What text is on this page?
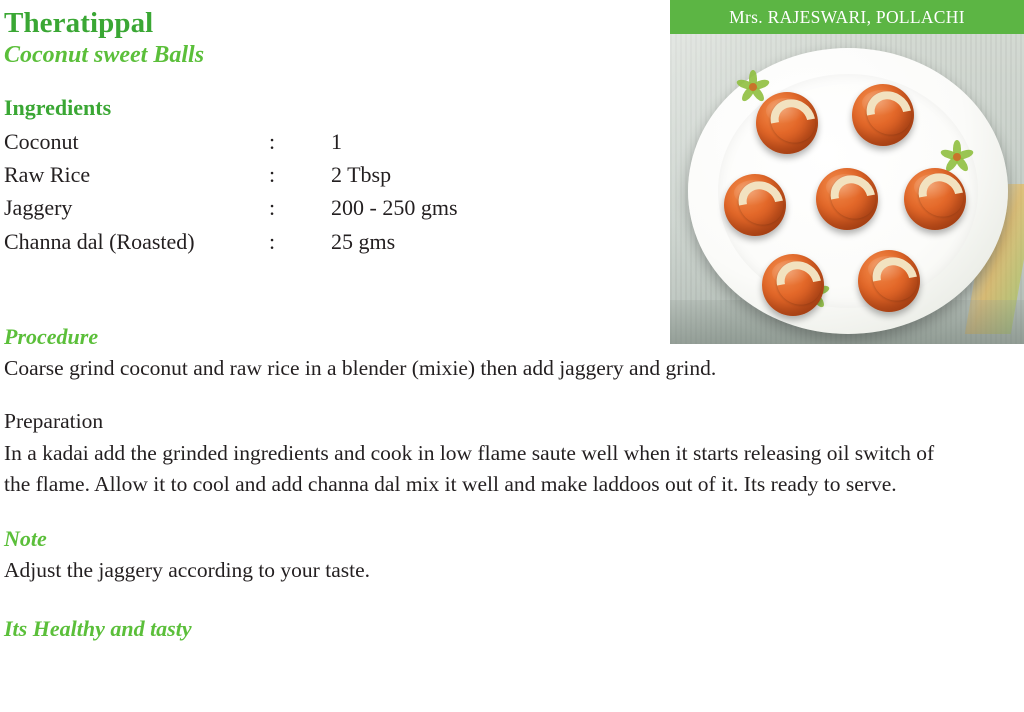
Mrs. RAJESWARI, POLLACHI
Theratippal
Coconut sweet Balls
Ingredients
Coconut	:	1
Raw Rice	:	2 Tbsp
Jaggery	:	200 - 250 gms
Channa dal (Roasted)	:	25 gms
Procedure
Coarse grind coconut and raw rice in a blender (mixie) then add jaggery and grind.
Preparation
In a kadai add the grinded ingredients and cook in low flame saute well when it starts releasing oil switch of the flame. Allow it to cool and add channa dal mix it well and make laddoos out of it. Its ready to serve.
Note
Adjust the jaggery according to your taste.
Its Healthy and tasty
